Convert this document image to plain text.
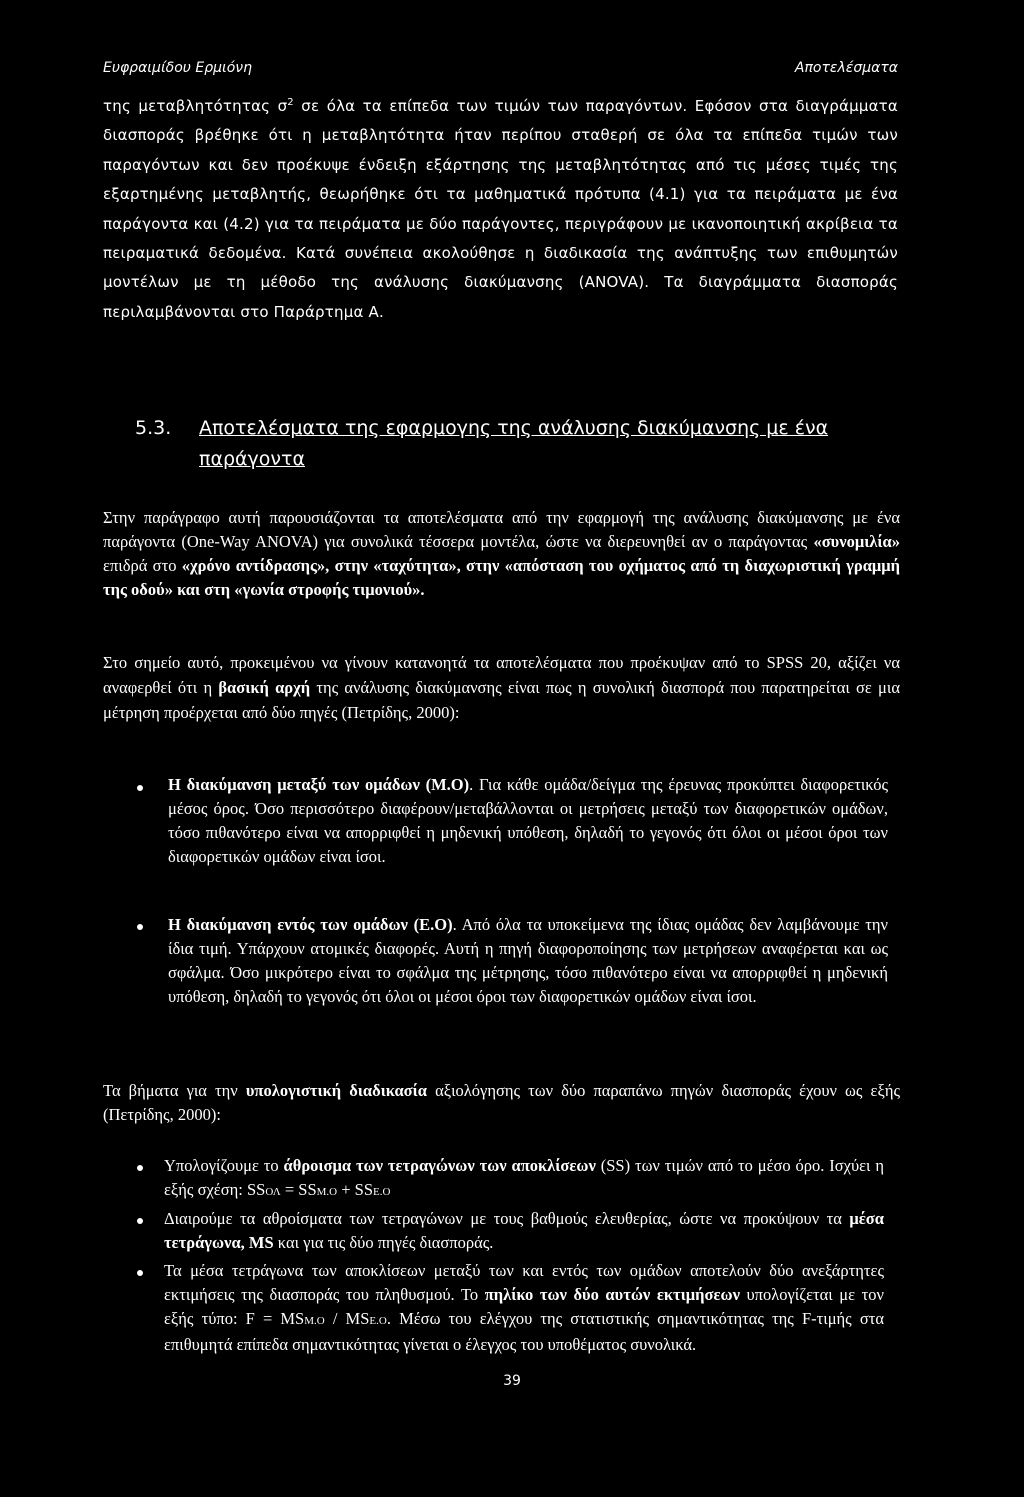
Ευφραιμίδου Ερμιόνη	Αποτελέσματα
της μεταβλητότητας $\sigma^2$ σε όλα τα επίπεδα των τιμών των παραγόντων. Εφόσον στα διαγράμματα διασποράς βρέθηκε ότι η μεταβλητότητα ήταν περίπου σταθερή σε όλα τα επίπεδα τιμών των παραγόντων και δεν προέκυψε ένδειξη εξάρτησης της μεταβλητότητας από τις μέσες τιμές της εξαρτημένης μεταβλητής, θεωρήθηκε ότι τα μαθηματικά πρότυπα (4.1) για τα πειράματα με ένα παράγοντα και (4.2) για τα πειράματα με δύο παράγοντες, περιγράφουν με ικανοποιητική ακρίβεια τα πειραματικά δεδομένα. Κατά συνέπεια ακολούθησε η διαδικασία της ανάπτυξης των επιθυμητών μοντέλων με τη μέθοδο της ανάλυσης διακύμανσης (ANOVA). Τα διαγράμματα διασποράς περιλαμβάνονται στο Παράρτημα Α.
5.3. Αποτελέσματα της εφαρμογης της ανάλυσης διακύμανσης με ένα
παράγοντα
Στην παράγραφο αυτή παρουσιάζονται τα αποτελέσματα από την εφαρμογή της ανάλυσης διακύμανσης με ένα παράγοντα (One-Way ANOVA) για συνολικά τέσσερα μοντέλα, ώστε να διερευνηθεί αν ο παράγοντας «συνομιλία» επιδρά στο «χρόνο αντίδρασης», στην «ταχύτητα», στην «απόσταση του οχήματος από τη διαχωριστική γραμμή της οδού» και στη «γωνία στροφής τιμονιού».
Στο σημείο αυτό, προκειμένου να γίνουν κατανοητά τα αποτελέσματα που προέκυψαν από το SPSS 20, αξίζει να αναφερθεί ότι η βασική αρχή της ανάλυσης διακύμανσης είναι πως η συνολική διασπορά που παρατηρείται σε μια μέτρηση προέρχεται από δύο πηγές (Πετρίδης, 2000):
Η διακύμανση μεταξύ των ομάδων (Μ.Ο). Για κάθε ομάδα/δείγμα της έρευνας προκύπτει διαφορετικός μέσος όρος. Όσο περισσότερο διαφέρουν/μεταβάλλονται οι μετρήσεις μεταξύ των διαφορετικών ομάδων, τόσο πιθανότερο είναι να απορριφθεί η μηδενική υπόθεση, δηλαδή το γεγονός ότι όλοι οι μέσοι όροι των διαφορετικών ομάδων είναι ίσοι.
Η διακύμανση εντός των ομάδων (Ε.Ο). Από όλα τα υποκείμενα της ίδιας ομάδας δεν λαμβάνουμε την ίδια τιμή. Υπάρχουν ατομικές διαφορές. Αυτή η πηγή διαφοροποίησης των μετρήσεων αναφέρεται και ως σφάλμα. Όσο μικρότερο είναι το σφάλμα της μέτρησης, τόσο πιθανότερο είναι να απορριφθεί η μηδενική υπόθεση, δηλαδή το γεγονός ότι όλοι οι μέσοι όροι των διαφορετικών ομάδων είναι ίσοι.
Τα βήματα για την υπολογιστική διαδικασία αξιολόγησης των δύο παραπάνω πηγών διασποράς έχουν ως εξής (Πετρίδης, 2000):
Υπολογίζουμε το άθροισμα των τετραγώνων των αποκλίσεων (SS) των τιμών από το μέσο όρο. Ισχύει η εξής σχέση: SSΟΛ = SSΜ.Ο + SSΕ.Ο
Διαιρούμε τα αθροίσματα των τετραγώνων με τους βαθμούς ελευθερίας, ώστε να προκύψουν τα μέσα τετράγωνα, MS και για τις δύο πηγές διασποράς.
Τα μέσα τετράγωνα των αποκλίσεων μεταξύ των και εντός των ομάδων αποτελούν δύο ανεξάρτητες εκτιμήσεις της διασποράς του πληθυσμού. Το πηλίκο των δύο αυτών εκτιμήσεων υπολογίζεται με τον εξής τύπο: F = MSΜ.Ο / MSΕ.Ο. Μέσω του ελέγχου της στατιστικής σημαντικότητας της F-τιμής στα επιθυμητά επίπεδα σημαντικότητας γίνεται ο έλεγχος του υποθέματος συνολικά.
39
